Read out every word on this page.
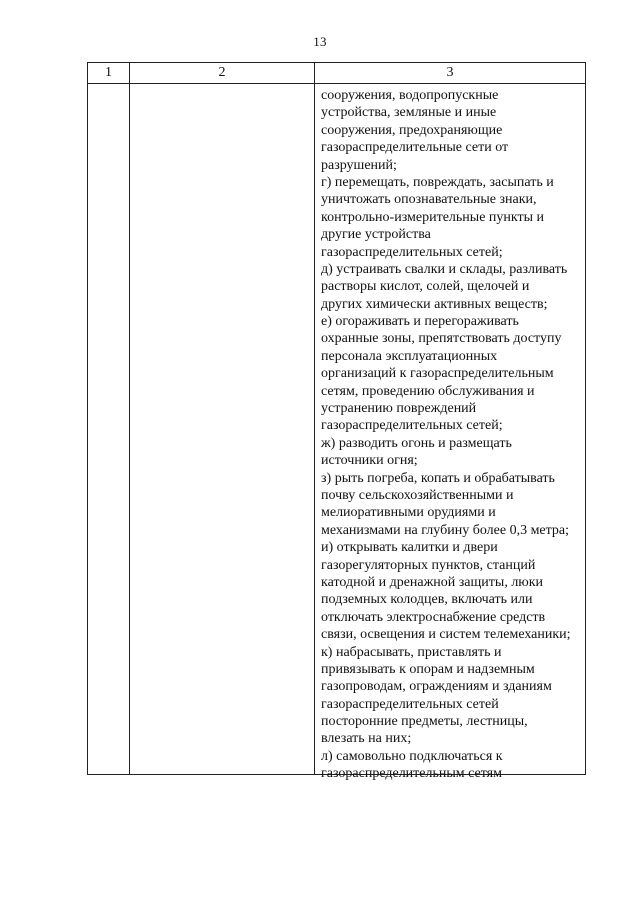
13
1	2	3
сооружения, водопропускные
устройства, земляные и иные
сооружения, предохраняющие
газораспределительные сети от
разрушений;
г) перемещать, повреждать, засыпать и
уничтожать опознавательные знаки,
контрольно-измерительные пункты и
другие устройства
газораспределительных сетей;
д) устраивать свалки и склады, разливать
растворы кислот, солей, щелочей и
других химически активных веществ;
е) огораживать и перегораживать
охранные зоны, препятствовать доступу
персонала эксплуатационных
организаций к газораспределительным
сетям, проведению обслуживания и
устранению повреждений
газораспределительных сетей;
ж) разводить огонь и размещать
источники огня;
з) рыть погреба, копать и обрабатывать
почву сельскохозяйственными и
мелиоративными орудиями и
механизмами на глубину более 0,3 метра;
и) открывать калитки и двери
газорегуляторных пунктов, станций
катодной и дренажной защиты, люки
подземных колодцев, включать или
отключать электроснабжение средств
связи, освещения и систем телемеханики;
к) набрасывать, приставлять и
привязывать к опорам и надземным
газопроводам, ограждениям и зданиям
газораспределительных сетей
посторонние предметы, лестницы,
влезать на них;
л) самовольно подключаться к
газораспределительным сетям
